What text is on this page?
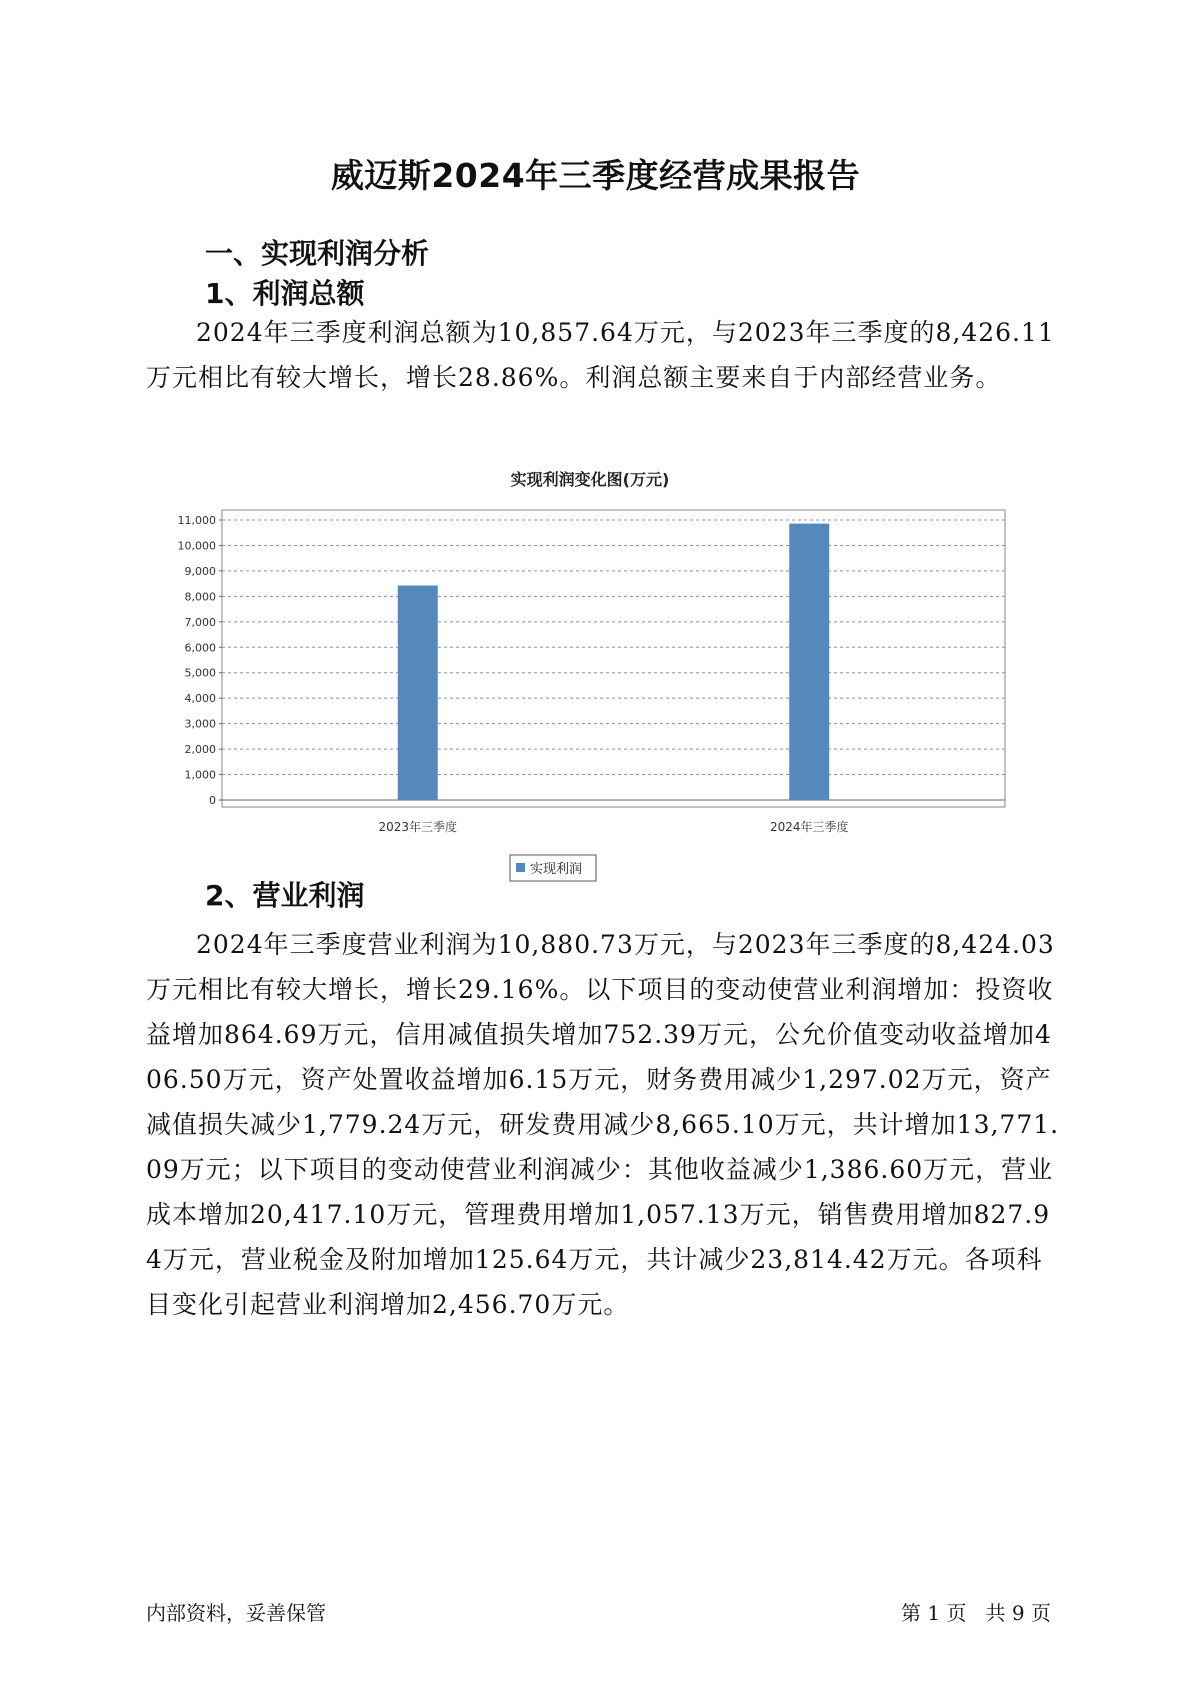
威迈斯2024年三季度经营成果报告
一、实现利润分析
1、利润总额

2024年三季度利润总额为10,857.64万元，与2023年三季度的8,426.11万元相比有较大增长，增长28.86%。利润总额主要来自于内部经营业务。

实现利润变化图(万元)
0
1,000
2,000
3,000
4,000
5,000
6,000
7,000
8,000
9,000
10,000
11,000
2023年三季度	2024年三季度
实现利润
2、营业利润

2024年三季度营业利润为10,880.73万元，与2023年三季度的8,424.03万元相比有较大增长，增长29.16%。以下项目的变动使营业利润增加：投资收益增加864.69万元，信用减值损失增加752.39万元，公允价值变动收益增加406.50万元，资产处置收益增加6.15万元，财务费用减少1,297.02万元，资产减值损失减少1,779.24万元，研发费用减少8,665.10万元，共计增加13,771.09万元；以下项目的变动使营业利润减少：其他收益减少1,386.60万元，营业成本增加20,417.10万元，管理费用增加1,057.13万元，销售费用增加827.94万元，营业税金及附加增加125.64万元，共计减少23,814.42万元。各项科目变化引起营业利润增加2,456.70万元。

内部资料，妥善保管	第 1 页   共 9 页
